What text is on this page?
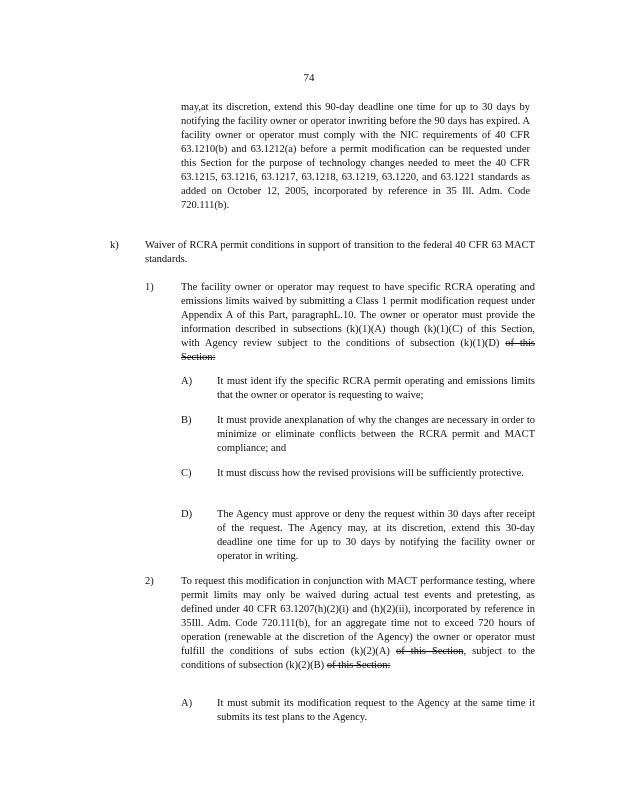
74
may,at its discretion, extend this 90-day deadline one time for up to 30 days by notifying the facility owner or operator inwriting before the 90 days has expired. A facility owner or operator must comply with the NIC requirements of 40 CFR 63.1210(b) and 63.1212(a) before a permit modification can be requested under this Section for the purpose of technology changes needed to meet the 40 CFR 63.1215, 63.1216, 63.1217, 63.1218, 63.1219, 63.1220, and 63.1221 standards as added on October 12, 2005, incorporated by reference in 35 Ill. Adm. Code 720.111(b).
k)	Waiver of RCRA permit conditions in support of transition to the federal 40 CFR 63 MACT standards.
1)	The facility owner or operator may request to have specific RCRA operating and emissions limits waived by submitting a Class 1 permit modification request under Appendix A of this Part, paragraphL.10. The owner or operator must provide the information described in subsections (k)(1)(A) though (k)(1)(C) of this Section, with Agency review subject to the conditions of subsection (k)(1)(D) of this Section:
A) It must ident ify the specific RCRA permit operating and emissions limits that the owner or operator is requesting to waive;
B) It must provide anexplanation of why the changes are necessary in order to minimize or eliminate conflicts between the RCRA permit and MACT compliance; and
C) It must discuss how the revised provisions will be sufficiently protective.
D) The Agency must approve or deny the request within 30 days after receipt of the request. The Agency may, at its discretion, extend this 30-day deadline one time for up to 30 days by notifying the facility owner or operator in writing.
2)	To request this modification in conjunction with MACT performance testing, where permit limits may only be waived during actual test events and pretesting, as defined under 40 CFR 63.1207(h)(2)(i) and (h)(2)(ii), incorporated by reference in 35Ill. Adm. Code 720.111(b), for an aggregate time not to exceed 720 hours of operation (renewable at the discretion of the Agency) the owner or operator must fulfill the conditions of subs ection (k)(2)(A) of this Section, subject to the conditions of subsection (k)(2)(B) of this Section:
A) It must submit its modification request to the Agency at the same time it submits its test plans to the Agency.
